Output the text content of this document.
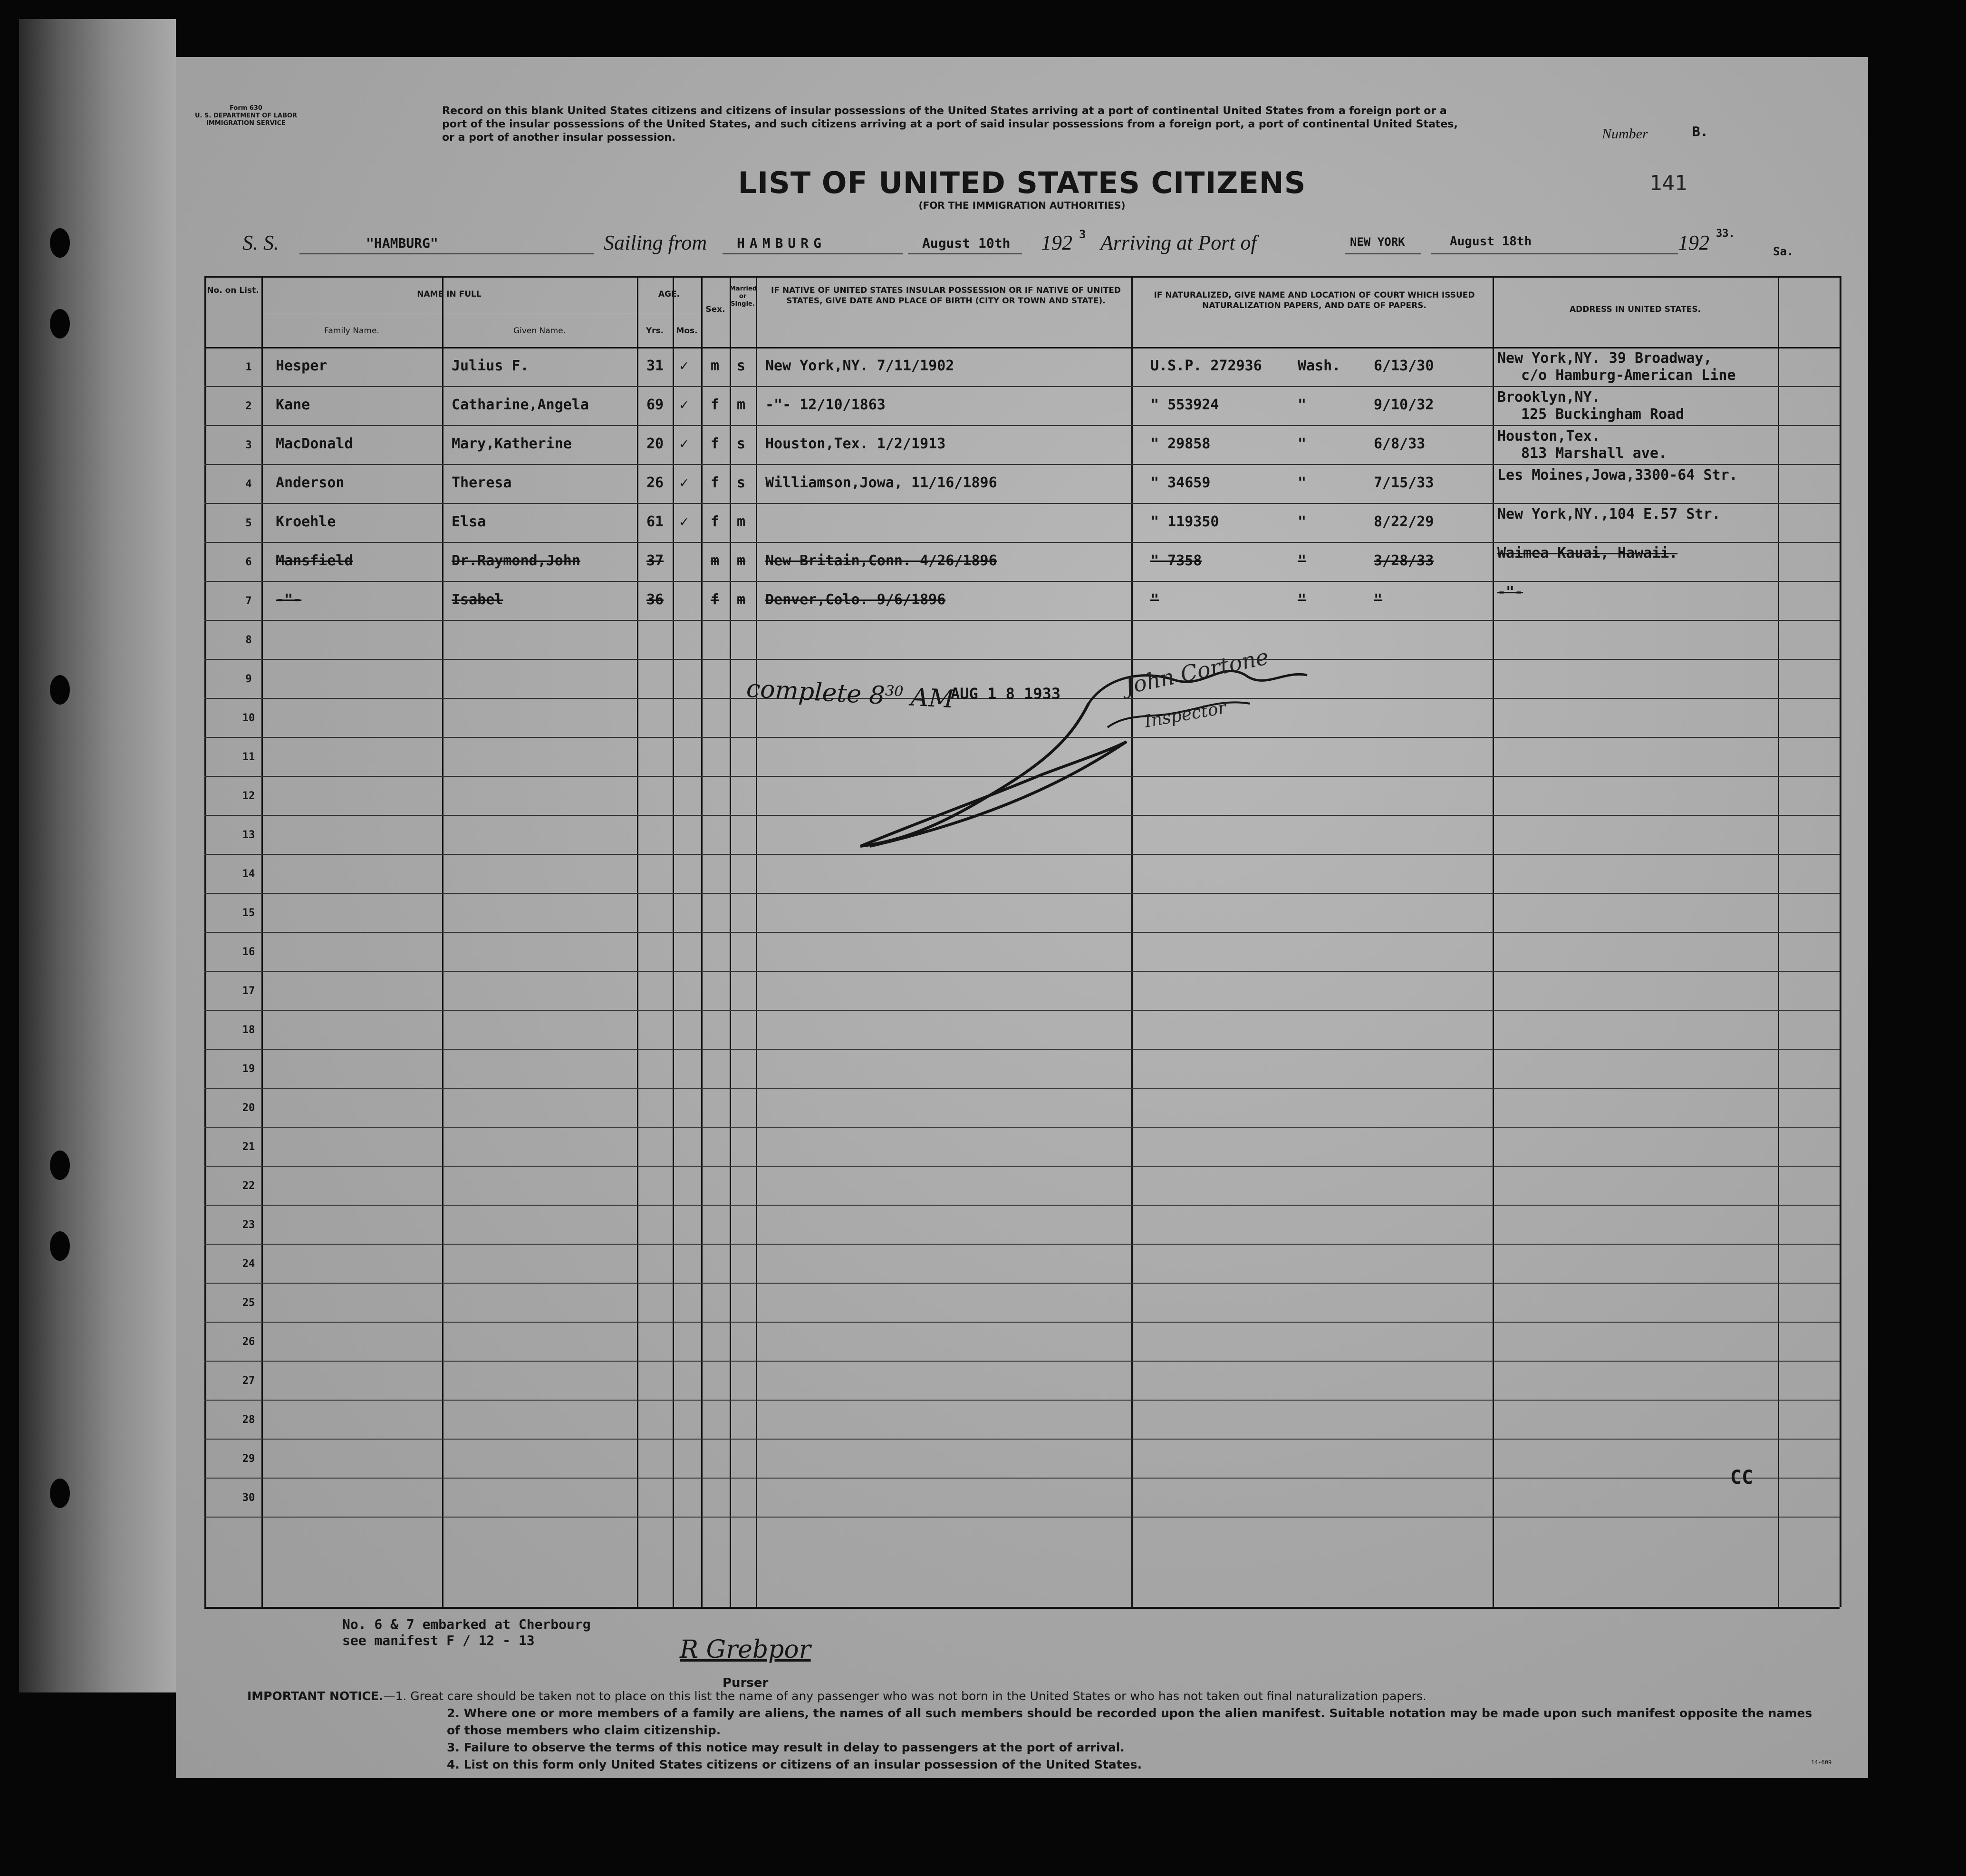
Form 630
U. S. DEPARTMENT OF LABOR
IMMIGRATION SERVICE
Record on this blank United States citizens and citizens of insular possessions of the United States arriving at a port of continental United States from a foreign port or a port of the insular possessions of the United States, and such citizens arriving at a port of said insular possessions from a foreign port, a port of continental United States, or a port of another insular possession.	Number	B.
141
LIST OF UNITED STATES CITIZENS
(FOR THE IMMIGRATION AUTHORITIES)
S. S.	"HAMBURG"	Sailing from HAMBURG	August 10th 192 3 Arriving at Port of	NEW YORK	August 18th	192 33.
Sa.
No. on List.	NAME IN FULL
Family Name.	Given Name.
AGE.
Yrs.	Mos.
Sex.
Married or Single.
IF NATIVE OF UNITED STATES INSULAR POSSESSION OR IF NATIVE OF UNITED STATES, GIVE DATE AND PLACE OF BIRTH (CITY OR TOWN AND STATE).
IF NATURALIZED, GIVE NAME AND LOCATION OF COURT WHICH ISSUED NATURALIZATION PAPERS, AND DATE OF PAPERS.	ADDRESS IN UNITED STATES.
1	Hesper	Julius F.	31 ✓ m s New York,NY. 7/11/1902	U.S.P. 272936	Wash. 6/13/30	New York,NY. 39 Broadway,
c/o Hamburg-American Line
2	Kane	Catharine,Angela	69 ✓ f m -"- 12/10/1863	" 553924	"	9/10/32	Brooklyn,NY.
125 Buckingham Road
3	MacDonald	Mary,Katherine	20 ✓ f s Houston,Tex. 1/2/1913	" 29858	"	6/8/33	Houston,Tex.
813 Marshall ave.
4	Anderson	Theresa	26 ✓ f s Williamson,Jowa, 11/16/1896	" 34659	"	7/15/33	Les Moines,Jowa,3300-64 Str.
5	Kroehle	Elsa	61 ✓ f m	" 119350	"	8/22/29	New York,NY.,104 E.57 Str.
6	Mansfield	Dr.Raymond,John	37	m m New Britain,Conn. 4/26/1896	" 7358	"	3/28/33	Waimea Kauai, Hawaii.
7	-"-	Isabel	36	f m Denver,Colo. 9/6/1896	"	"	"	-"-
8
9
10
11
12
13
14
15
16
17
18
19
20
21
22
23
24
25
26
27
28
29
30
complete $8^{30}$ AM
AUG 1 8 1933	John Cortone
Inspector
CC
No. 6 & 7 embarked at Cherbourg
see manifest F / 12 - 13	R Grebpor
Purser
IMPORTANT NOTICE.—1. Great care should be taken not to place on this list the name of any passenger who was not born in the United States or who has not taken out final naturalization papers.
2. Where one or more members of a family are aliens, the names of all such members should be recorded upon the alien manifest. Suitable notation may be made upon such manifest opposite the names of those members who claim citizenship.
3. Failure to observe the terms of this notice may result in delay to passengers at the port of arrival.
4. List on this form only United States citizens or citizens of an insular possession of the United States.	14-609
